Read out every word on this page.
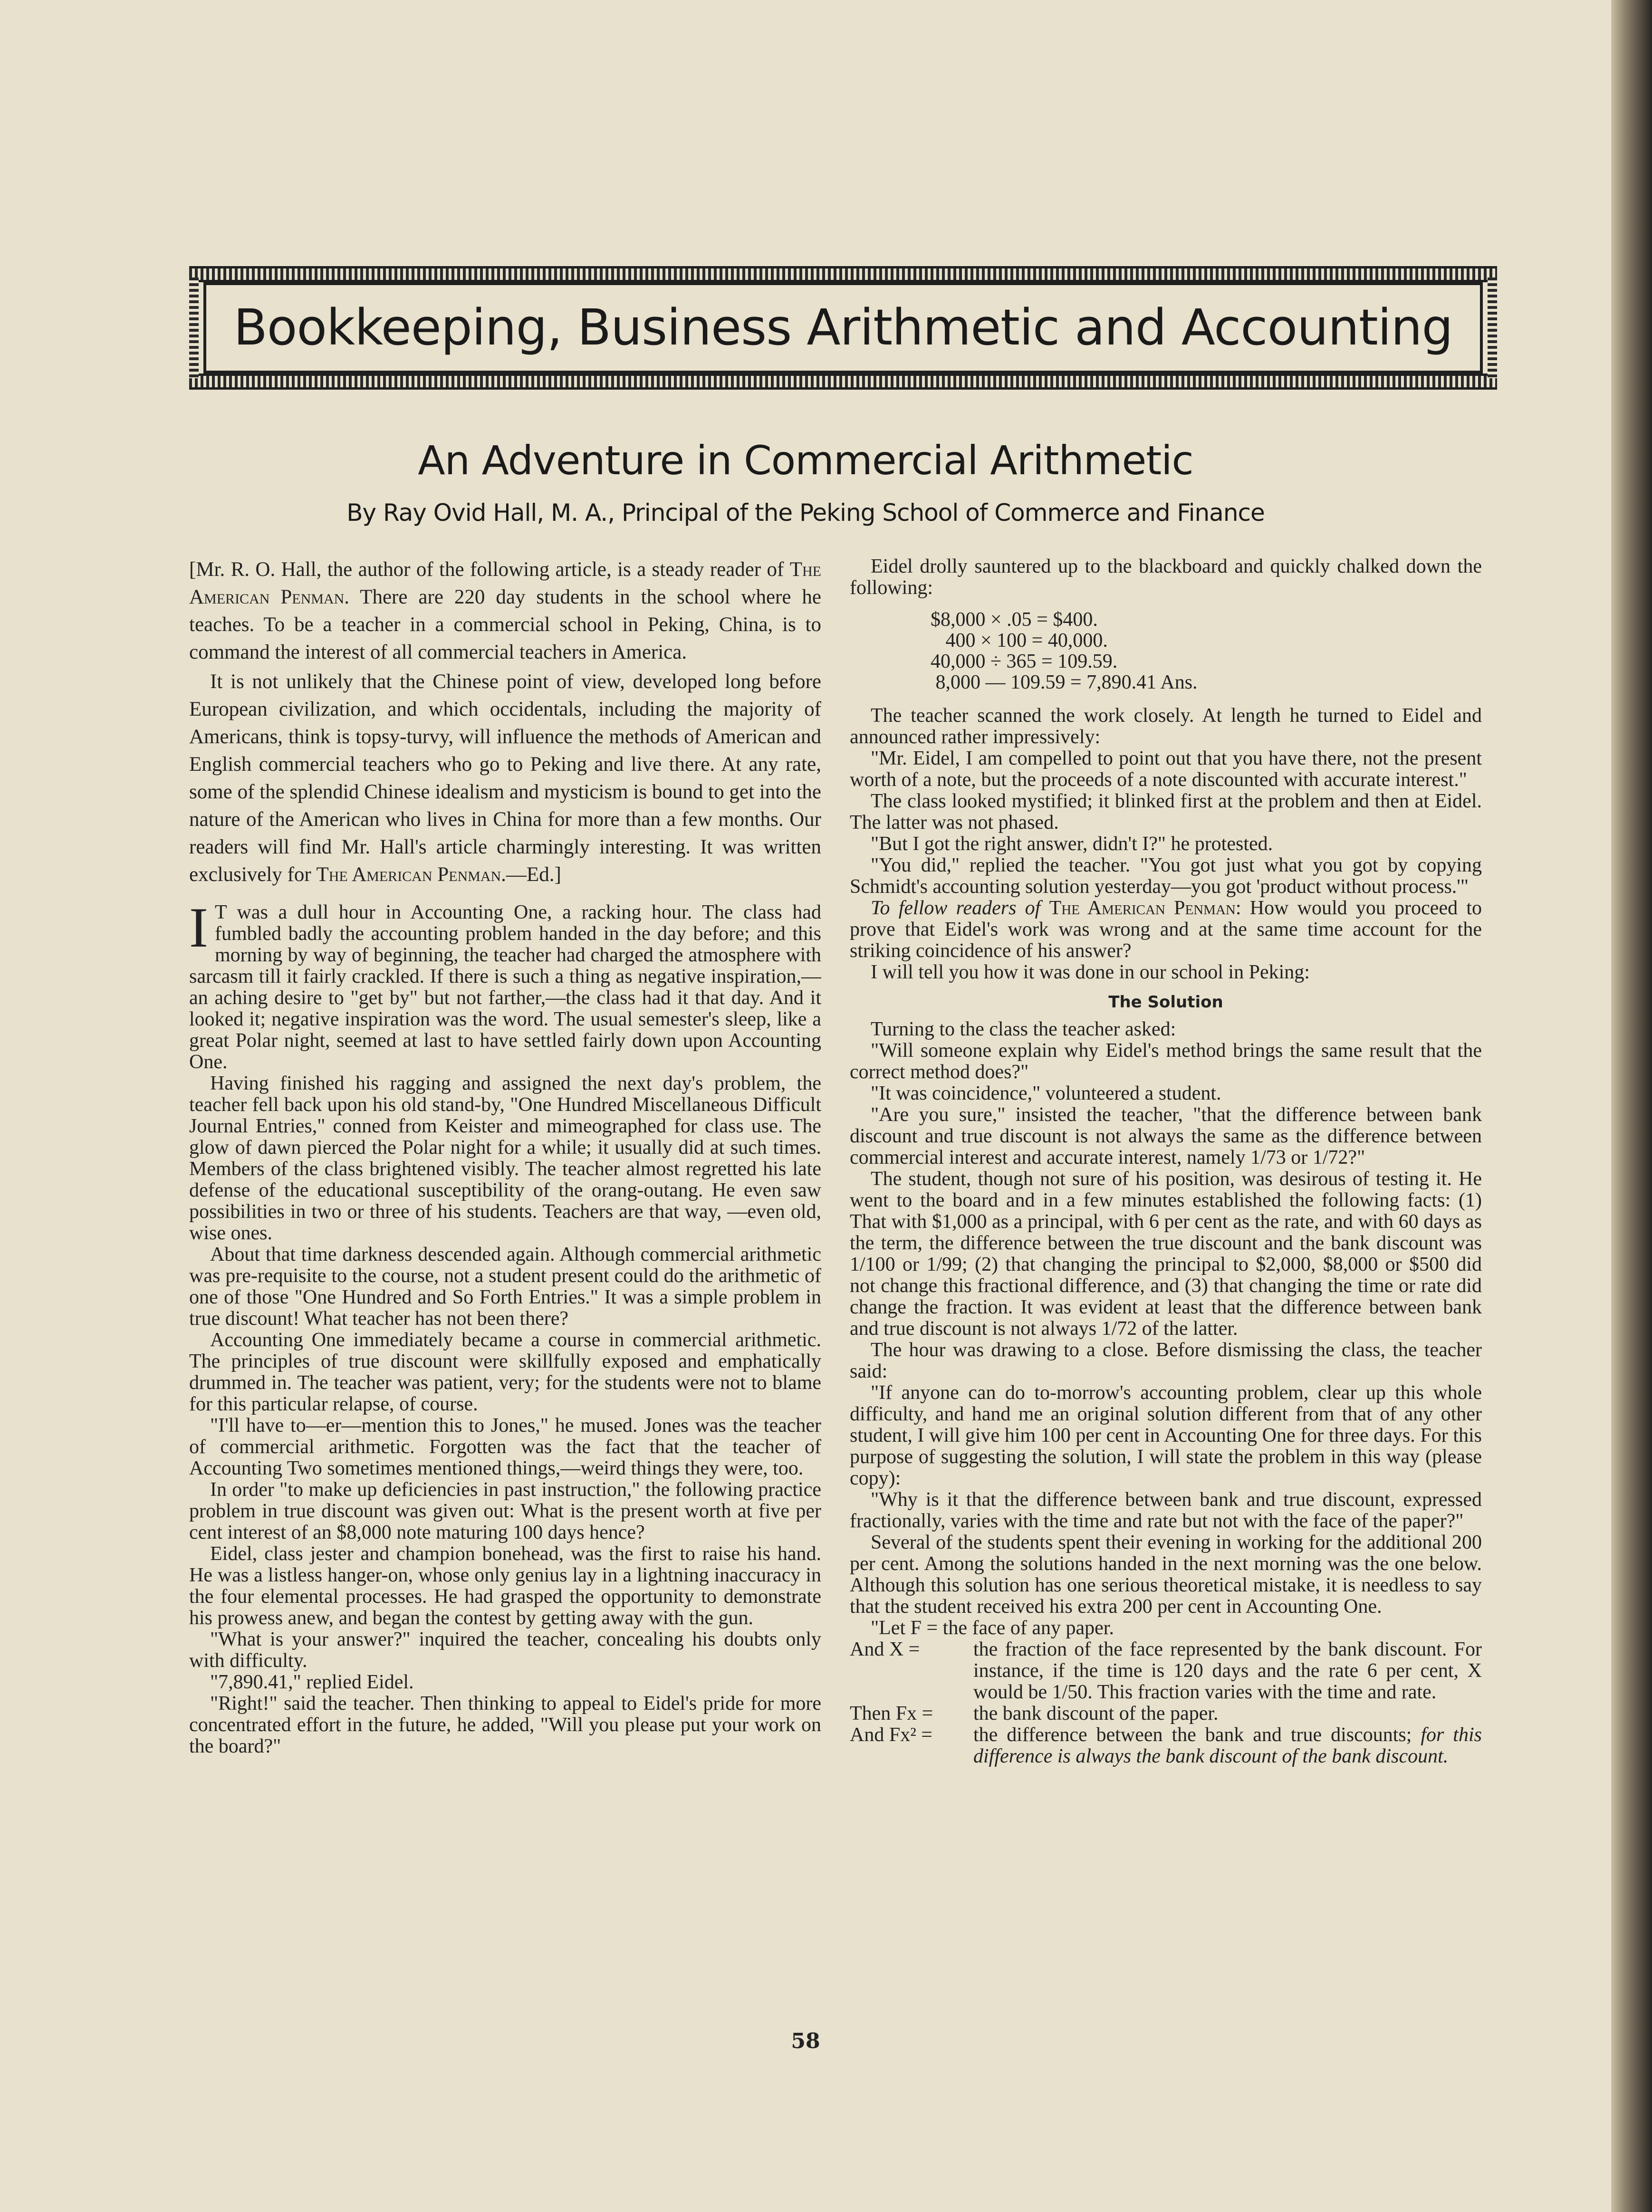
Bookkeeping, Business Arithmetic and Accounting
An Adventure in Commercial Arithmetic
By Ray Ovid Hall, M. A., Principal of the Peking School of Commerce and Finance

[Mr. R. O. Hall, the author of the following article, is a steady reader of The American Penman. There are 220 day students in the school where he teaches. To be a teacher in a commercial school in Peking, China, is to command the interest of all commercial teachers in America.

It is not unlikely that the Chinese point of view, developed long before European civilization, and which occidentals, including the majority of Americans, think is topsy-turvy, will influence the methods of American and English commercial teachers who go to Peking and live there. At any rate, some of the splendid Chinese idealism and mysticism is bound to get into the nature of the American who lives in China for more than a few months. Our readers will find Mr. Hall's article charmingly interesting. It was written exclusively for The American Penman.—Ed.]

I T was a dull hour in Accounting One, a racking hour. The class had fumbled badly the accounting problem handed in the day before; and this morning by way of beginning, the teacher had charged the atmosphere with sarcasm till it fairly crackled. If there is such a thing as negative inspiration,—an aching desire to "get by" but not farther,—the class had it that day. And it looked it; negative inspiration was the word. The usual semester's sleep, like a great Polar night, seemed at last to have settled fairly down upon Accounting One.

Having finished his ragging and assigned the next day's problem, the teacher fell back upon his old stand-by, "One Hundred Miscellaneous Difficult Journal Entries," conned from Keister and mimeographed for class use. The glow of dawn pierced the Polar night for a while; it usually did at such times. Members of the class brightened visibly. The teacher almost regretted his late defense of the educational susceptibility of the orang-outang. He even saw possibilities in two or three of his students. Teachers are that way, —even old, wise ones.

About that time darkness descended again. Although commercial arithmetic was pre-requisite to the course, not a student present could do the arithmetic of one of those "One Hundred and So Forth Entries." It was a simple problem in true discount! What teacher has not been there?

Accounting One immediately became a course in commercial arithmetic. The principles of true discount were skillfully exposed and emphatically drummed in. The teacher was patient, very; for the students were not to blame for this particular relapse, of course.

"I'll have to—er—mention this to Jones," he mused. Jones was the teacher of commercial arithmetic. Forgotten was the fact that the teacher of Accounting Two sometimes mentioned things,—weird things they were, too.

In order "to make up deficiencies in past instruction," the following practice problem in true discount was given out: What is the present worth at five per cent interest of an $8,000 note maturing 100 days hence?

Eidel, class jester and champion bonehead, was the first to raise his hand. He was a listless hanger-on, whose only genius lay in a lightning inaccuracy in the four elemental processes. He had grasped the opportunity to demonstrate his prowess anew, and began the contest by getting away with the gun.

"What is your answer?" inquired the teacher, concealing his doubts only with difficulty.

"7,890.41," replied Eidel.

"Right!" said the teacher. Then thinking to appeal to Eidel's pride for more concentrated effort in the future, he added, "Will you please put your work on the board?"

Eidel drolly sauntered up to the blackboard and quickly chalked down the following:

$8,000 × .05 = $400.
400 × 100 = 40,000.
40,000 ÷ 365 = 109.59.
8,000 — 109.59 = 7,890.41 Ans.

The teacher scanned the work closely. At length he turned to Eidel and announced rather impressively:

"Mr. Eidel, I am compelled to point out that you have there, not the present worth of a note, but the proceeds of a note discounted with accurate interest."

The class looked mystified; it blinked first at the problem and then at Eidel. The latter was not phased.

"But I got the right answer, didn't I?" he protested.

"You did," replied the teacher. "You got just what you got by copying Schmidt's accounting solution yesterday—you got 'product without process.'"

To fellow readers of The American Penman: How would you proceed to prove that Eidel's work was wrong and at the same time account for the striking coincidence of his answer?

I will tell you how it was done in our school in Peking:

The Solution

Turning to the class the teacher asked:

"Will someone explain why Eidel's method brings the same result that the correct method does?"

"It was coincidence," volunteered a student.

"Are you sure," insisted the teacher, "that the difference between bank discount and true discount is not always the same as the difference between commercial interest and accurate interest, namely 1/73 or 1/72?"

The student, though not sure of his position, was desirous of testing it. He went to the board and in a few minutes established the following facts: (1) That with $1,000 as a principal, with 6 per cent as the rate, and with 60 days as the term, the difference between the true discount and the bank discount was 1/100 or 1/99; (2) that changing the principal to $2,000, $8,000 or $500 did not change this fractional difference, and (3) that changing the time or rate did change the fraction. It was evident at least that the difference between bank and true discount is not always 1/72 of the latter.

The hour was drawing to a close. Before dismissing the class, the teacher said:

"If anyone can do to-morrow's accounting problem, clear up this whole difficulty, and hand me an original solution different from that of any other student, I will give him 100 per cent in Accounting One for three days. For this purpose of suggesting the solution, I will state the problem in this way (please copy):

"Why is it that the difference between bank and true discount, expressed fractionally, varies with the time and rate but not with the face of the paper?"

Several of the students spent their evening in working for the additional 200 per cent. Among the solutions handed in the next morning was the one below. Although this solution has one serious theoretical mistake, it is needless to say that the student received his extra 200 per cent in Accounting One.

"Let F = the face of any paper.

And X =	the fraction of the face represented by the bank discount. For instance, if the time is 120 days and the rate 6 per cent, X would be 1/50. This fraction varies with the time and rate.
Then Fx =	the bank discount of the paper.
And Fx² =	the difference between the bank and true discounts; for this difference is always the bank discount of the bank discount.
58
